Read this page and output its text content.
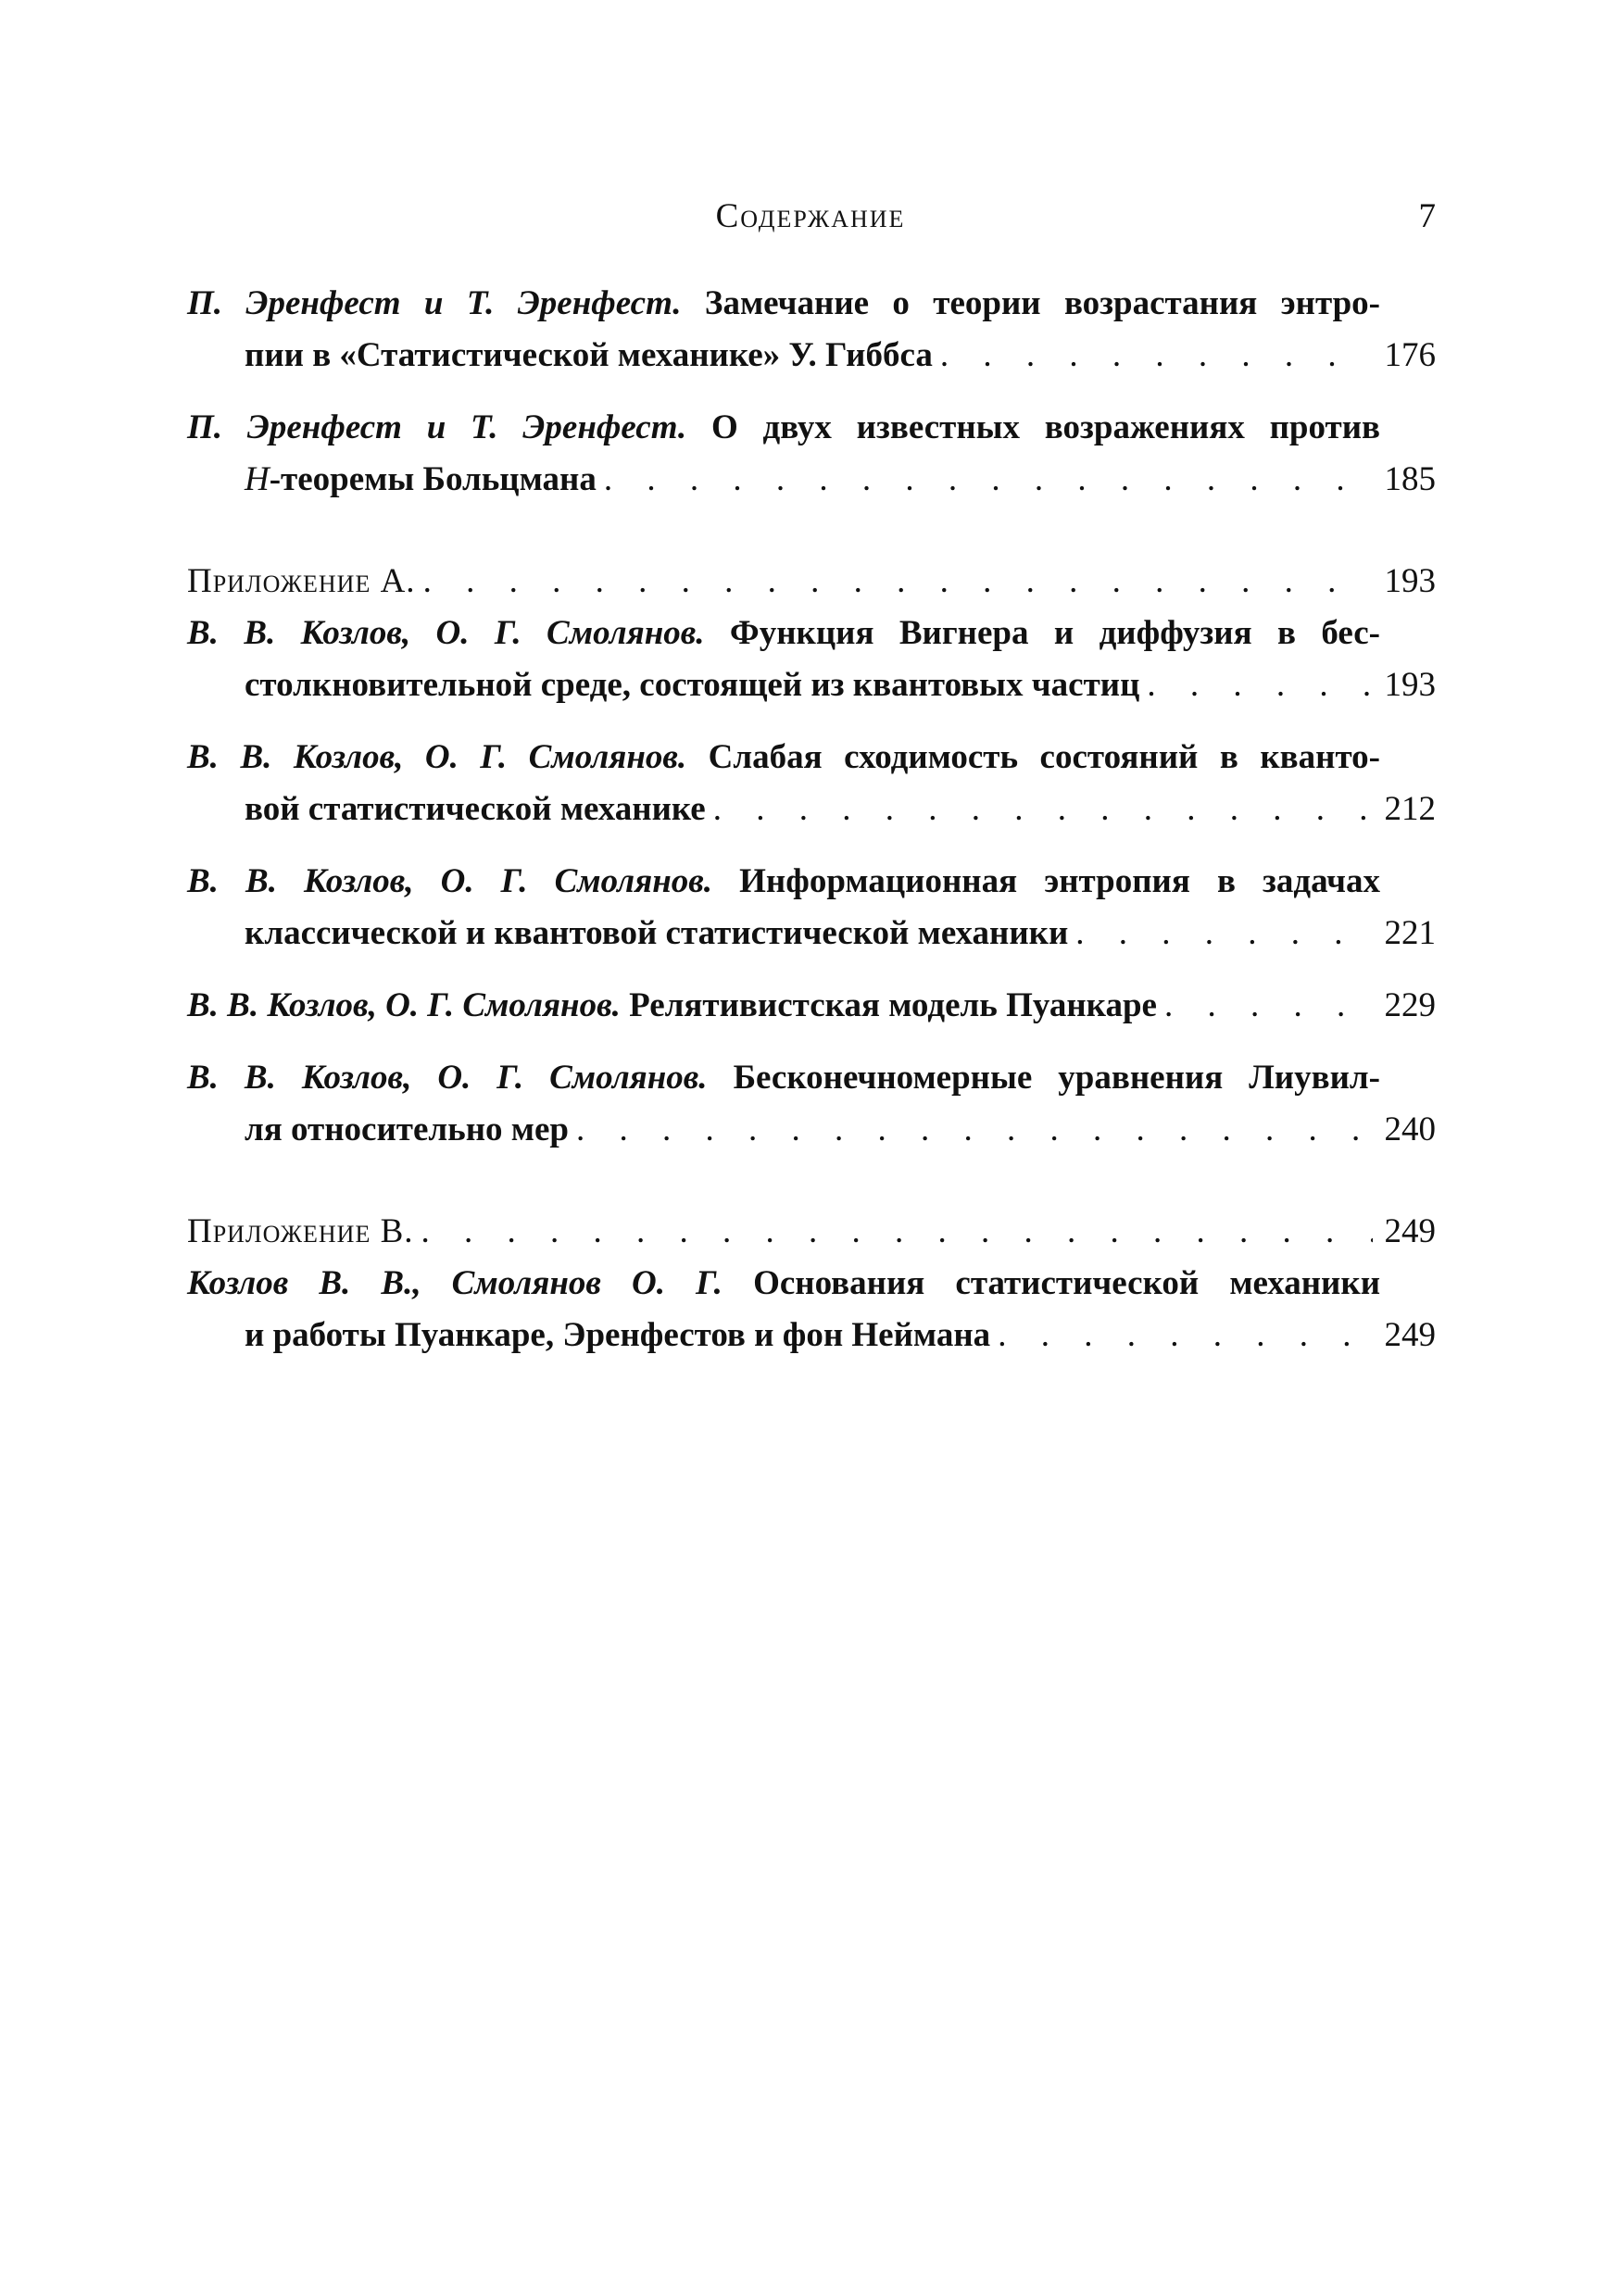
Содержание	7
П. Эренфест и Т. Эренфест. Замечание о теории возрастания энтро-
пии в «Статистической механике» У. Гиббса . . .	176
П. Эренфест и Т. Эренфест. О двух известных возражениях против
H-теоремы Больцмана . . .	185
Приложение А. . . .	193
В. В. Козлов, О. Г. Смолянов. Функция Вигнера и диффузия в бес-
столкновительной среде, состоящей из квантовых частиц . . .	193
В. В. Козлов, О. Г. Смолянов. Слабая сходимость состояний в кванто-
вой статистической механике . . .	212
В. В. Козлов, О. Г. Смолянов. Информационная энтропия в задачах
классической и квантовой статистической механики . . .	221
В. В. Козлов, О. Г. Смолянов. Релятивистская модель Пуанкаре . . .	229
В. В. Козлов, О. Г. Смолянов. Бесконечномерные уравнения Лиувил-
ля относительно мер . . .	240
Приложение В. . . .	249
Козлов В. В., Смолянов О. Г. Основания статистической механики
и работы Пуанкаре, Эренфестов и фон Неймана . . .	249
